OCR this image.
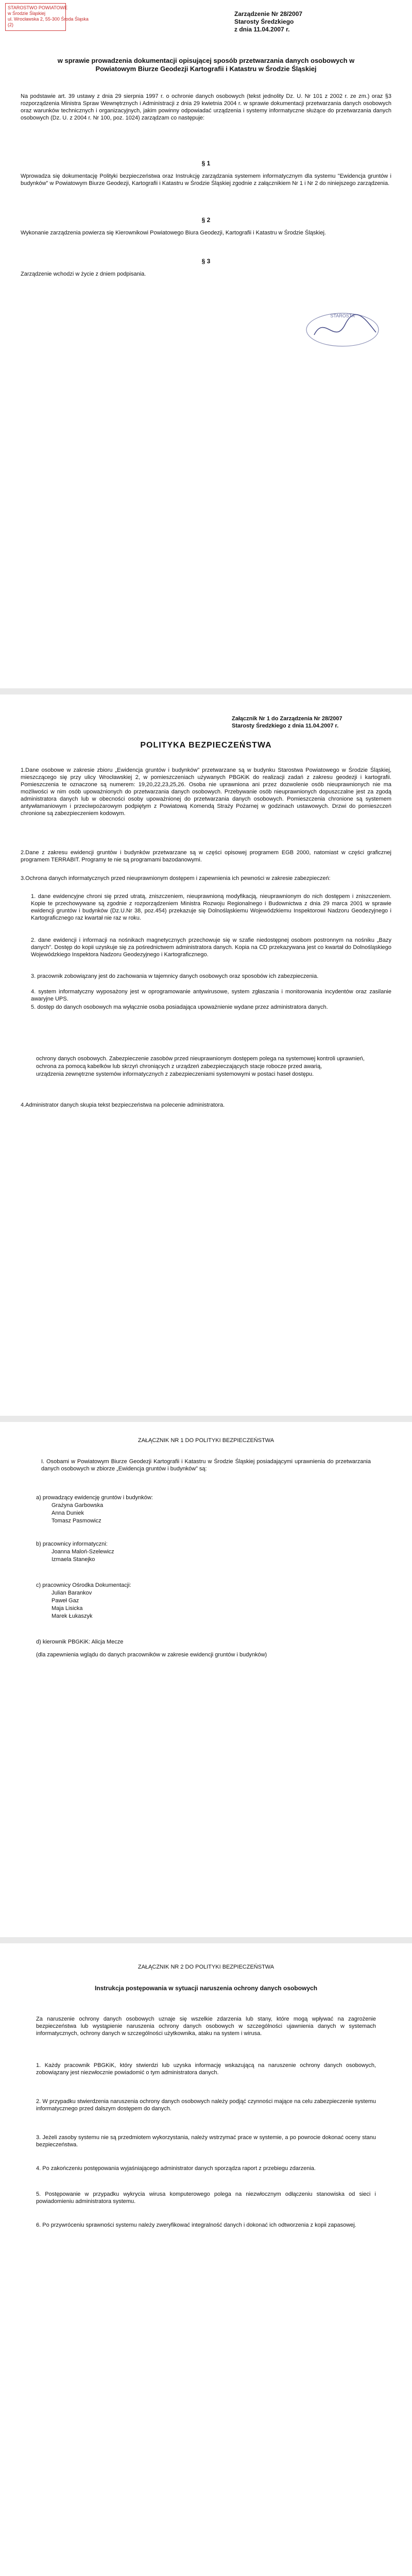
STAROSTWO POWIATOWE
w Środzie Śląskiej
ul. Wrocławska 2, 55-300 Środa Śląska
(2)
Zarządzenie Nr 28/2007
Starosty Średzkiego
z dnia 11.04.2007 r.
w sprawie prowadzenia dokumentacji opisującej sposób przetwarzania danych osobowych w Powiatowym Biurze Geodezji Kartografii i Katastru w Środzie Śląskiej
Na podstawie art. 39 ustawy z dnia 29 sierpnia 1997 r. o ochronie danych osobowych (tekst jednolity Dz. U. Nr 101 z 2002 r. ze zm.) oraz §3 rozporządzenia Ministra Spraw Wewnętrznych i Administracji z dnia 29 kwietnia 2004 r. w sprawie dokumentacji przetwarzania danych osobowych oraz warunków technicznych i organizacyjnych, jakim powinny odpowiadać urządzenia i systemy informatyczne służące do przetwarzania danych osobowych (Dz. U. z 2004 r. Nr 100, poz. 1024) zarządzam co następuje:
§ 1
Wprowadza się dokumentację Polityki bezpieczeństwa oraz Instrukcję zarządzania systemem informatycznym dla systemu "Ewidencja gruntów i budynków" w Powiatowym Biurze Geodezji, Kartografii i Katastru w Środzie Śląskiej zgodnie z załącznikiem Nr 1 i Nr 2 do niniejszego zarządzenia.
§ 2
Wykonanie zarządzenia powierza się Kierownikowi Powiatowego Biura Geodezji, Kartografii i Katastru w Środzie Śląskiej.
§ 3
Zarządzenie wchodzi w życie z dniem podpisania.
STAROSTA
Załącznik Nr 1 do Zarządzenia Nr 28/2007
Starosty Średzkiego z dnia 11.04.2007 r.
POLITYKA BEZPIECZEŃSTWA
1.Dane osobowe w zakresie zbioru „Ewidencja gruntów i budynków” przetwarzane są w budynku Starostwa Powiatowego w Środzie Śląskiej, mieszczącego się przy ulicy Wrocławskiej 2, w pomieszczeniach używanych PBGKiK do realizacji zadań z zakresu geodezji i kartografii. Pomieszczenia te oznaczone są numerem: 19,20,22,23,25,26. Osoba nie uprawniona ani przez dozwolenie osób nieuprawnionych nie ma możliwości w nim osób upoważnionych do przetwarzania danych osobowych. Przebywanie osób nieuprawnionych dopuszczalne jest za zgodą administratora danych lub w obecności osoby upoważnionej do przetwarzania danych osobowych. Pomieszczenia chronione są systemem antywłamaniowym i przeciwpożarowym podpiętym z Powiatową Komendą Straży Pożarnej w godzinach ustawowych. Drzwi do pomieszczeń chronione są zabezpieczeniem kodowym.
2.Dane z zakresu ewidencji gruntów i budynków przetwarzane są w części opisowej programem EGB 2000, natomiast w części graficznej programem TERRABIT. Programy te nie są programami bazodanowymi.
3.Ochrona danych informatycznych przed nieuprawnionym dostępem i zapewnienia ich pewności w zakresie zabezpieczeń:
1. dane ewidencyjne chroni się przed utratą, zniszczeniem, nieuprawnioną modyfikacją, nieuprawnionym do nich dostępem i zniszczeniem. Kopie te przechowywane są zgodnie z rozporządzeniem Ministra Rozwoju Regionalnego i Budownictwa z dnia 29 marca 2001 w sprawie ewidencji gruntów i budynków (Dz.U.Nr 38, poz.454) przekazuje się Dolnośląskiemu Wojewódzkiemu Inspektorowi Nadzoru Geodezyjnego i Kartograficznego raz kwartał nie raz w roku.
2. dane ewidencji i informacji na nośnikach magnetycznych przechowuje się w szafie niedostępnej osobom postronnym na nośniku „Bazy danych”. Dostęp do kopii uzyskuje się za pośrednictwem administratora danych. Kopia na CD przekazywana jest co kwartał do Dolnośląskiego Wojewódzkiego Inspektora Nadzoru Geodezyjnego i Kartograficznego.
3. pracownik zobowiązany jest do zachowania w tajemnicy danych osobowych oraz sposobów ich zabezpieczenia.
4. system informatyczny wyposażony jest w oprogramowanie antywirusowe, system zgłaszania i monitorowania incydentów oraz zasilanie awaryjne UPS.
5. dostęp do danych osobowych ma wyłącznie osoba posiadająca upoważnienie wydane przez administratora danych.
ochrony danych osobowych. Zabezpieczenie zasobów przed nieuprawnionym dostępem polega na systemowej kontroli uprawnień,
ochrona za pomocą kabelków lub skrzyń chroniących z urządzeń zabezpieczających stacje robocze przed awarią,
urządzenia zewnętrzne systemów informatycznych z zabezpieczeniami systemowymi w postaci haseł dostępu.
4.Administrator danych skupia tekst bezpieczeństwa na polecenie administratora.
ZAŁĄCZNIK NR 1 DO POLITYKI BEZPIECZEŃSTWA
I. Osobami w Powiatowym Biurze Geodezji Kartografii i Katastru w Środzie Śląskiej posiadającymi uprawnienia do przetwarzania danych osobowych w zbiorze „Ewidencja gruntów i budynków” są:
a) prowadzący ewidencję gruntów i budynków:
Grażyna Garbowska
Anna Duniek
Tomasz Pasmowicz
b) pracownicy informatyczni:
Joanna Maloń-Szelewicz
Izmaela Stanejko
c) pracownicy Ośrodka Dokumentacji:
Julian Barankov
Paweł Gaz
Maja Lisicka
Marek Łukaszyk
d) kierownik PBGKiK: Alicja Mecze
(dla zapewnienia wglądu do danych pracowników w zakresie ewidencji gruntów i budynków)
ZAŁĄCZNIK NR 2 DO POLITYKI BEZPIECZEŃSTWA
Instrukcja postępowania w sytuacji naruszenia ochrony danych osobowych
Za naruszenie ochrony danych osobowych uznaje się wszelkie zdarzenia lub stany, które mogą wpływać na zagrożenie bezpieczeństwa lub wystąpienie naruszenia ochrony danych osobowych w szczególności ujawnienia danych w systemach informatycznych, ochrony danych w szczególności użytkownika, ataku na system i wirusa.
1. Każdy pracownik PBGKiK, który stwierdzi lub uzyska informację wskazującą na naruszenie ochrony danych osobowych, zobowiązany jest niezwłocznie powiadomić o tym administratora danych.
2. W przypadku stwierdzenia naruszenia ochrony danych osobowych należy podjąć czynności mające na celu zabezpieczenie systemu informatycznego przed dalszym dostępem do danych.
3. Jeżeli zasoby systemu nie są przedmiotem wykorzystania, należy wstrzymać prace w systemie, a po powrocie dokonać oceny stanu bezpieczeństwa.
4. Po zakończeniu postępowania wyjaśniającego administrator danych sporządza raport z przebiegu zdarzenia.
5. Postępowanie w przypadku wykrycia wirusa komputerowego polega na niezwłocznym odłączeniu stanowiska od sieci i powiadomieniu administratora systemu.
6. Po przywróceniu sprawności systemu należy zweryfikować integralność danych i dokonać ich odtworzenia z kopii zapasowej.
